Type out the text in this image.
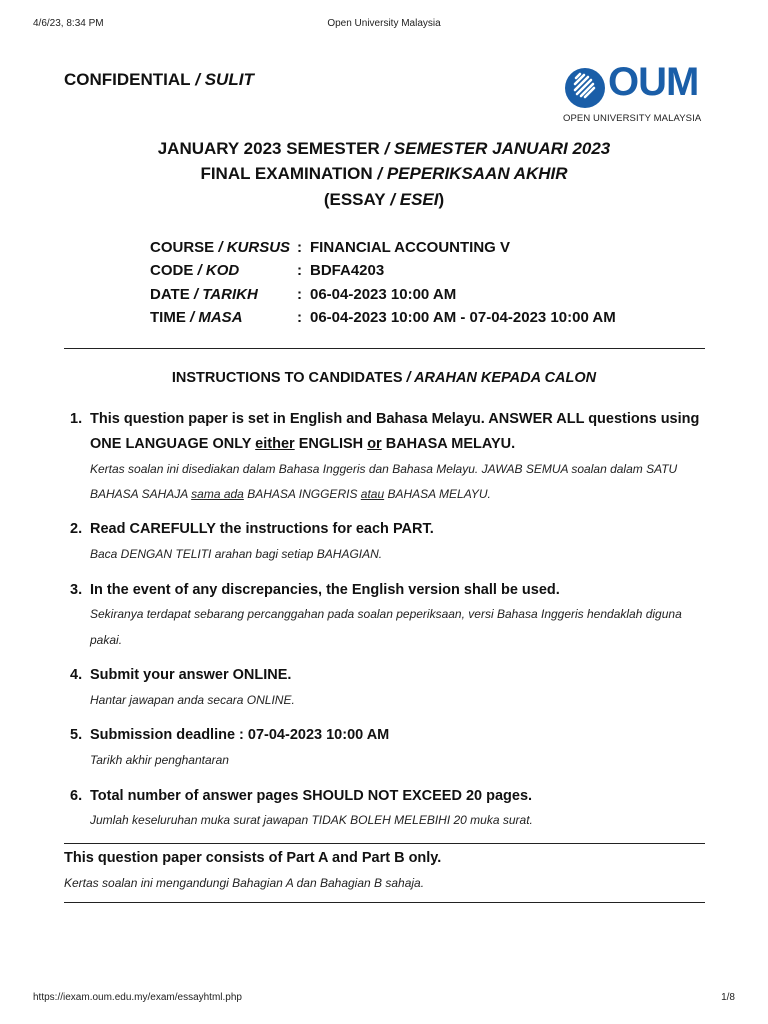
4/6/23, 8:34 PM	Open University Malaysia
CONFIDENTIAL / SULIT	OUM
OPEN UNIVERSITY MALAYSIA
JANUARY 2023 SEMESTER / SEMESTER JANUARI 2023
FINAL EXAMINATION / PEPERIKSAAN AKHIR
(ESSAY / ESEI)
COURSE / KURSUS : FINANCIAL ACCOUNTING V
CODE / KOD	: BDFA4203
DATE / TARIKH	: 06-04-2023 10:00 AM
TIME / MASA	: 06-04-2023 10:00 AM - 07-04-2023 10:00 AM
INSTRUCTIONS TO CANDIDATES / ARAHAN KEPADA CALON
1. This question paper is set in English and Bahasa Melayu. ANSWER ALL questions using
ONE LANGUAGE ONLY either ENGLISH or BAHASA MELAYU.
Kertas soalan ini disediakan dalam Bahasa Inggeris dan Bahasa Melayu. JAWAB SEMUA soalan dalam SATU
BAHASA SAHAJA sama ada BAHASA INGGERIS atau BAHASA MELAYU.
2. Read CAREFULLY the instructions for each PART.
Baca DENGAN TELITI arahan bagi setiap BAHAGIAN.
3. In the event of any discrepancies, the English version shall be used.
Sekiranya terdapat sebarang percanggahan pada soalan peperiksaan, versi Bahasa Inggeris hendaklah diguna
pakai.
4. Submit your answer ONLINE.
Hantar jawapan anda secara ONLINE.
5. Submission deadline : 07-04-2023 10:00 AM
Tarikh akhir penghantaran
6. Total number of answer pages SHOULD NOT EXCEED 20 pages.
Jumlah keseluruhan muka surat jawapan TIDAK BOLEH MELEBIHI 20 muka surat.
This question paper consists of Part A and Part B only.
Kertas soalan ini mengandungi Bahagian A dan Bahagian B sahaja.
https://iexam.oum.edu.my/exam/essayhtml.php	1/8
